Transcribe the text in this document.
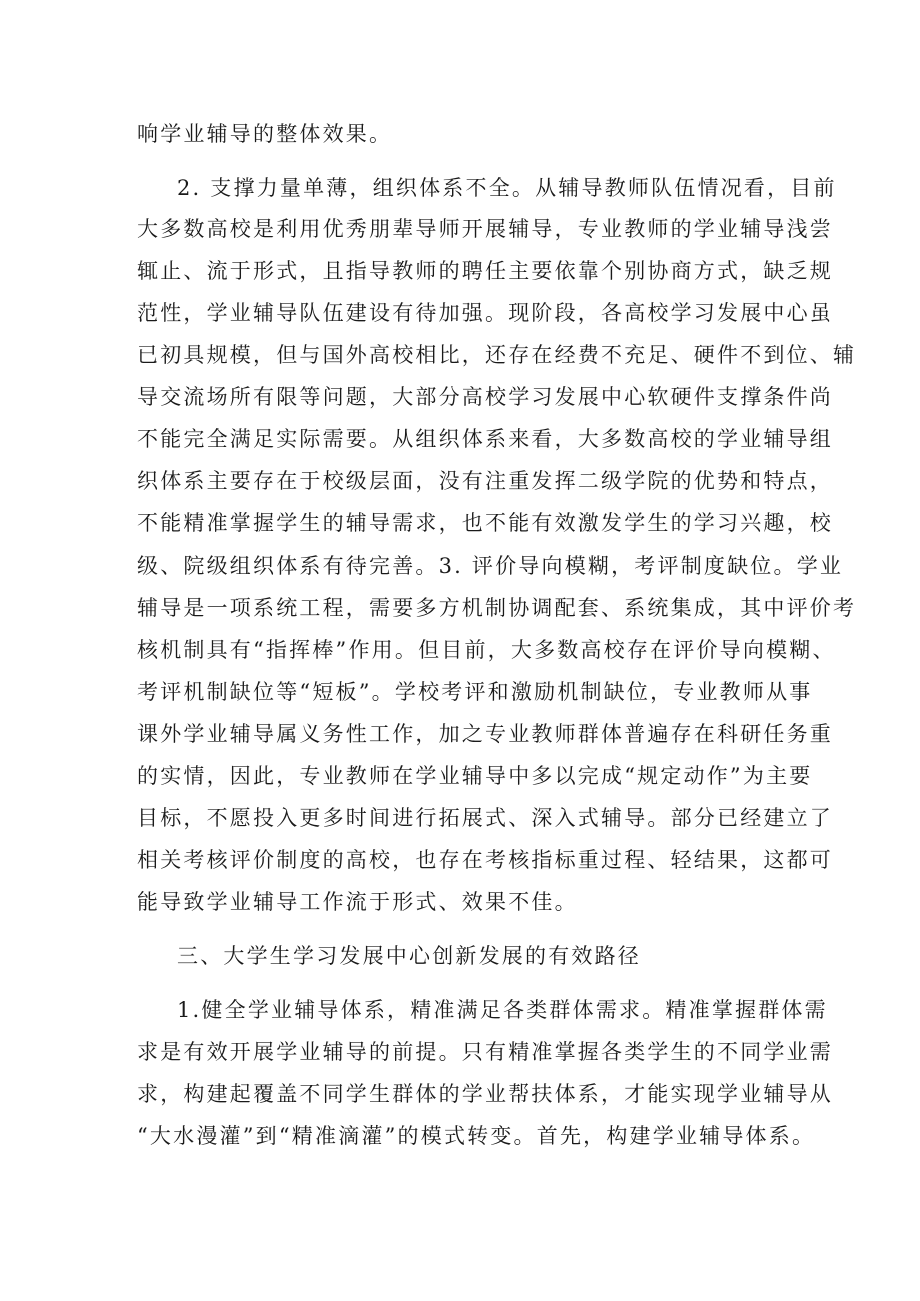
响学业辅导的整体效果。
2. 支撑力量单薄，组织体系不全。从辅导教师队伍情况看，目前
大多数高校是利用优秀朋辈导师开展辅导，专业教师的学业辅导浅尝
辄止、流于形式，且指导教师的聘任主要依靠个别协商方式，缺乏规
范性，学业辅导队伍建设有待加强。现阶段，各高校学习发展中心虽
已初具规模，但与国外高校相比，还存在经费不充足、硬件不到位、辅
导交流场所有限等问题，大部分高校学习发展中心软硬件支撑条件尚
不能完全满足实际需要。从组织体系来看，大多数高校的学业辅导组
织体系主要存在于校级层面，没有注重发挥二级学院的优势和特点，
不能精准掌握学生的辅导需求，也不能有效激发学生的学习兴趣，校
级、院级组织体系有待完善。3. 评价导向模糊，考评制度缺位。学业
辅导是一项系统工程，需要多方机制协调配套、系统集成，其中评价考
核机制具有“指挥棒”作用。但目前，大多数高校存在评价导向模糊、
考评机制缺位等“短板”。学校考评和激励机制缺位，专业教师从事
课外学业辅导属义务性工作，加之专业教师群体普遍存在科研任务重
的实情，因此，专业教师在学业辅导中多以完成“规定动作”为主要
目标，不愿投入更多时间进行拓展式、深入式辅导。部分已经建立了
相关考核评价制度的高校，也存在考核指标重过程、轻结果，这都可
能导致学业辅导工作流于形式、效果不佳。
三、大学生学习发展中心创新发展的有效路径
1.健全学业辅导体系，精准满足各类群体需求。精准掌握群体需
求是有效开展学业辅导的前提。只有精准掌握各类学生的不同学业需
求，构建起覆盖不同学生群体的学业帮扶体系，才能实现学业辅导从
“大水漫灌”到“精准滴灌”的模式转变。首先，构建学业辅导体系。
